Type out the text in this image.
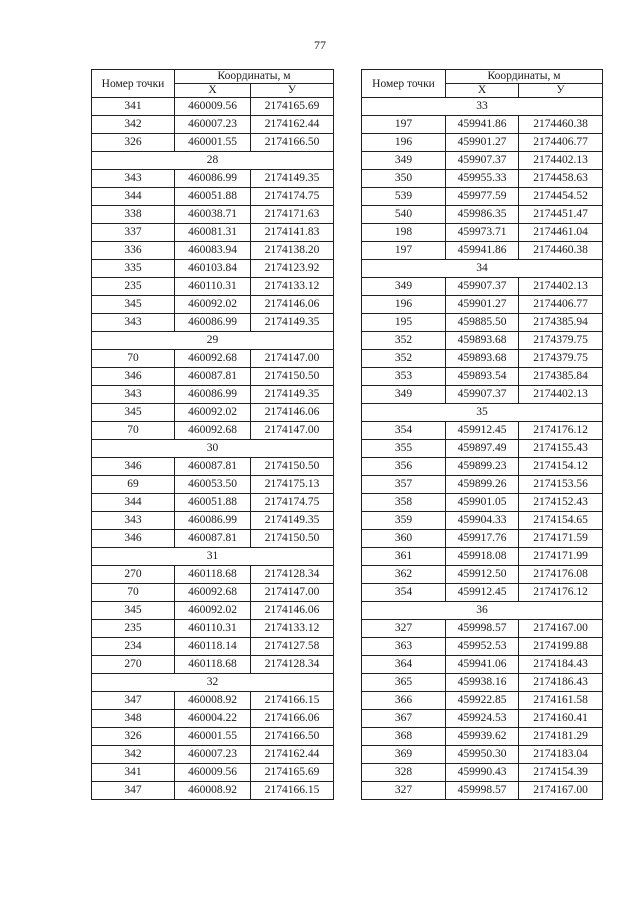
77
Номер точки	Координаты, м	
	X	У
341	460009.56	2174165.69
342	460007.23	2174162.44
326	460001.55	2174166.50
28		
343	460086.99	2174149.35
344	460051.88	2174174.75
338	460038.71	2174171.63
337	460081.31	2174141.83
336	460083.94	2174138.20
335	460103.84	2174123.92
235	460110.31	2174133.12
345	460092.02	2174146.06
343	460086.99	2174149.35
29		
70	460092.68	2174147.00
346	460087.81	2174150.50
343	460086.99	2174149.35
345	460092.02	2174146.06
70	460092.68	2174147.00
30		
346	460087.81	2174150.50
69	460053.50	2174175.13
344	460051.88	2174174.75
343	460086.99	2174149.35
346	460087.81	2174150.50
31		
270	460118.68	2174128.34
70	460092.68	2174147.00
345	460092.02	2174146.06
235	460110.31	2174133.12
234	460118.14	2174127.58
270	460118.68	2174128.34
32		
347	460008.92	2174166.15
348	460004.22	2174166.06
326	460001.55	2174166.50
342	460007.23	2174162.44
341	460009.56	2174165.69
347	460008.92	2174166.15
Номер точки	Координаты, м	
	X	У
33		
197	459941.86	2174460.38
196	459901.27	2174406.77
349	459907.37	2174402.13
350	459955.33	2174458.63
539	459977.59	2174454.52
540	459986.35	2174451.47
198	459973.71	2174461.04
197	459941.86	2174460.38
34		
349	459907.37	2174402.13
196	459901.27	2174406.77
195	459885.50	2174385.94
352	459893.68	2174379.75
352	459893.68	2174379.75
353	459893.54	2174385.84
349	459907.37	2174402.13
35		
354	459912.45	2174176.12
355	459897.49	2174155.43
356	459899.23	2174154.12
357	459899.26	2174153.56
358	459901.05	2174152.43
359	459904.33	2174154.65
360	459917.76	2174171.59
361	459918.08	2174171.99
362	459912.50	2174176.08
354	459912.45	2174176.12
36		
327	459998.57	2174167.00
363	459952.53	2174199.88
364	459941.06	2174184.43
365	459938.16	2174186.43
366	459922.85	2174161.58
367	459924.53	2174160.41
368	459939.62	2174181.29
369	459950.30	2174183.04
328	459990.43	2174154.39
327	459998.57	2174167.00
